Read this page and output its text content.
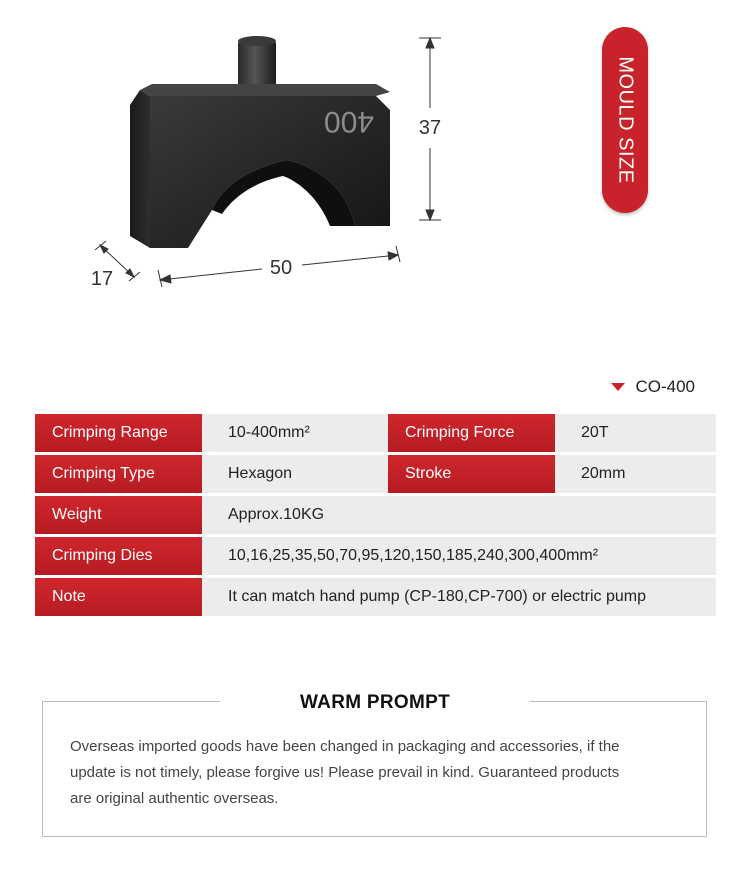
400 37
50
17
MOULD SIZE
CO-400
Crimping Range	10-400mm²	Crimping Force	20T
Crimping Type	Hexagon	Stroke	20mm
Weight	Approx.10KG
Crimping Dies	10,16,25,35,50,70,95,120,150,185,240,300,400mm²
Note	It can match hand pump (CP-180,CP-700) or electric pump
WARM PROMPT
Overseas imported goods have been changed in packaging and accessories, if the
update is not timely, please forgive us! Please prevail in kind. Guaranteed products
are original authentic overseas.
